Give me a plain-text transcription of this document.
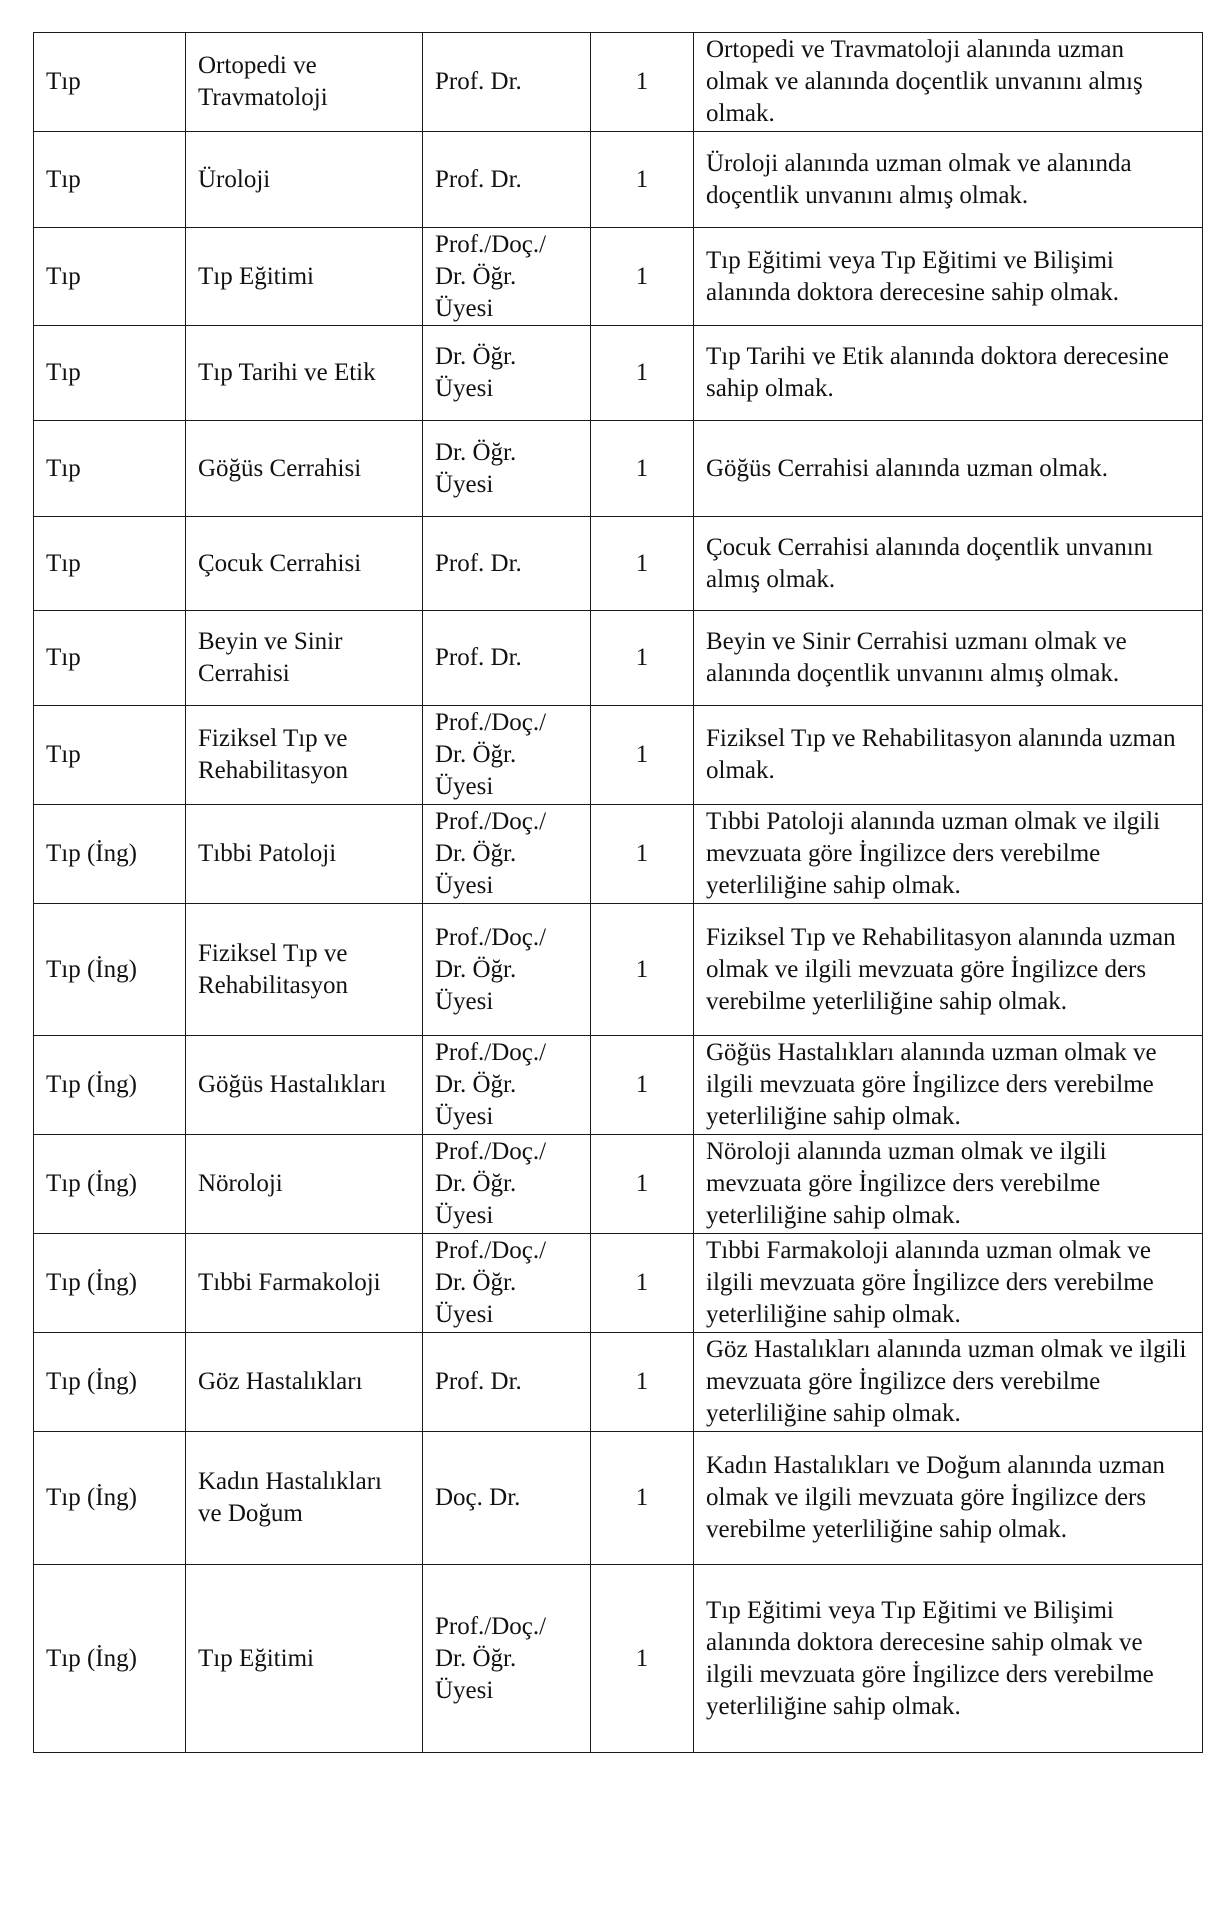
Tıp	Ortopedi ve Travmatoloji	Prof. Dr.	1	Ortopedi ve Travmatoloji alanında uzman olmak ve alanında doçentlik unvanını almış olmak.
Tıp	Üroloji	Prof. Dr.	1	Üroloji alanında uzman olmak ve alanında doçentlik unvanını almış olmak.
Tıp	Tıp Eğitimi	Prof./Doç./ Dr. Öğr. Üyesi	1	Tıp Eğitimi veya Tıp Eğitimi ve Bilişimi alanında doktora derecesine sahip olmak.
Tıp	Tıp Tarihi ve Etik	Dr. Öğr. Üyesi	1	Tıp Tarihi ve Etik alanında doktora derecesine sahip olmak.
Tıp	Göğüs Cerrahisi	Dr. Öğr. Üyesi	1	Göğüs Cerrahisi alanında uzman olmak.
Tıp	Çocuk Cerrahisi	Prof. Dr.	1	Çocuk Cerrahisi alanında doçentlik unvanını almış olmak.
Tıp	Beyin ve Sinir Cerrahisi	Prof. Dr.	1	Beyin ve Sinir Cerrahisi uzmanı olmak ve alanında doçentlik unvanını almış olmak.
Tıp	Fiziksel Tıp ve Rehabilitasyon	Prof./Doç./ Dr. Öğr. Üyesi	1	Fiziksel Tıp ve Rehabilitasyon alanında uzman olmak.
Tıp (İng)	Tıbbi Patoloji	Prof./Doç./ Dr. Öğr. Üyesi	1	Tıbbi Patoloji alanında uzman olmak ve ilgili mevzuata göre İngilizce ders verebilme yeterliliğine sahip olmak.
Tıp (İng)	Fiziksel Tıp ve Rehabilitasyon	Prof./Doç./ Dr. Öğr. Üyesi	1	Fiziksel Tıp ve Rehabilitasyon alanında uzman olmak ve ilgili mevzuata göre İngilizce ders verebilme yeterliliğine sahip olmak.
Tıp (İng)	Göğüs Hastalıkları	Prof./Doç./ Dr. Öğr. Üyesi	1	Göğüs Hastalıkları alanında uzman olmak ve ilgili mevzuata göre İngilizce ders verebilme yeterliliğine sahip olmak.
Tıp (İng)	Nöroloji	Prof./Doç./ Dr. Öğr. Üyesi	1	Nöroloji alanında uzman olmak ve ilgili mevzuata göre İngilizce ders verebilme yeterliliğine sahip olmak.
Tıp (İng)	Tıbbi Farmakoloji	Prof./Doç./ Dr. Öğr. Üyesi	1	Tıbbi Farmakoloji alanında uzman olmak ve ilgili mevzuata göre İngilizce ders verebilme yeterliliğine sahip olmak.
Tıp (İng)	Göz Hastalıkları	Prof. Dr.	1	Göz Hastalıkları alanında uzman olmak ve ilgili mevzuata göre İngilizce ders verebilme yeterliliğine sahip olmak.
Tıp (İng)	Kadın Hastalıkları ve Doğum	Doç. Dr.	1	Kadın Hastalıkları ve Doğum alanında uzman olmak ve ilgili mevzuata göre İngilizce ders verebilme yeterliliğine sahip olmak.
Tıp (İng)	Tıp Eğitimi	Prof./Doç./ Dr. Öğr. Üyesi	1	Tıp Eğitimi veya Tıp Eğitimi ve Bilişimi alanında doktora derecesine sahip olmak ve ilgili mevzuata göre İngilizce ders verebilme yeterliliğine sahip olmak.
